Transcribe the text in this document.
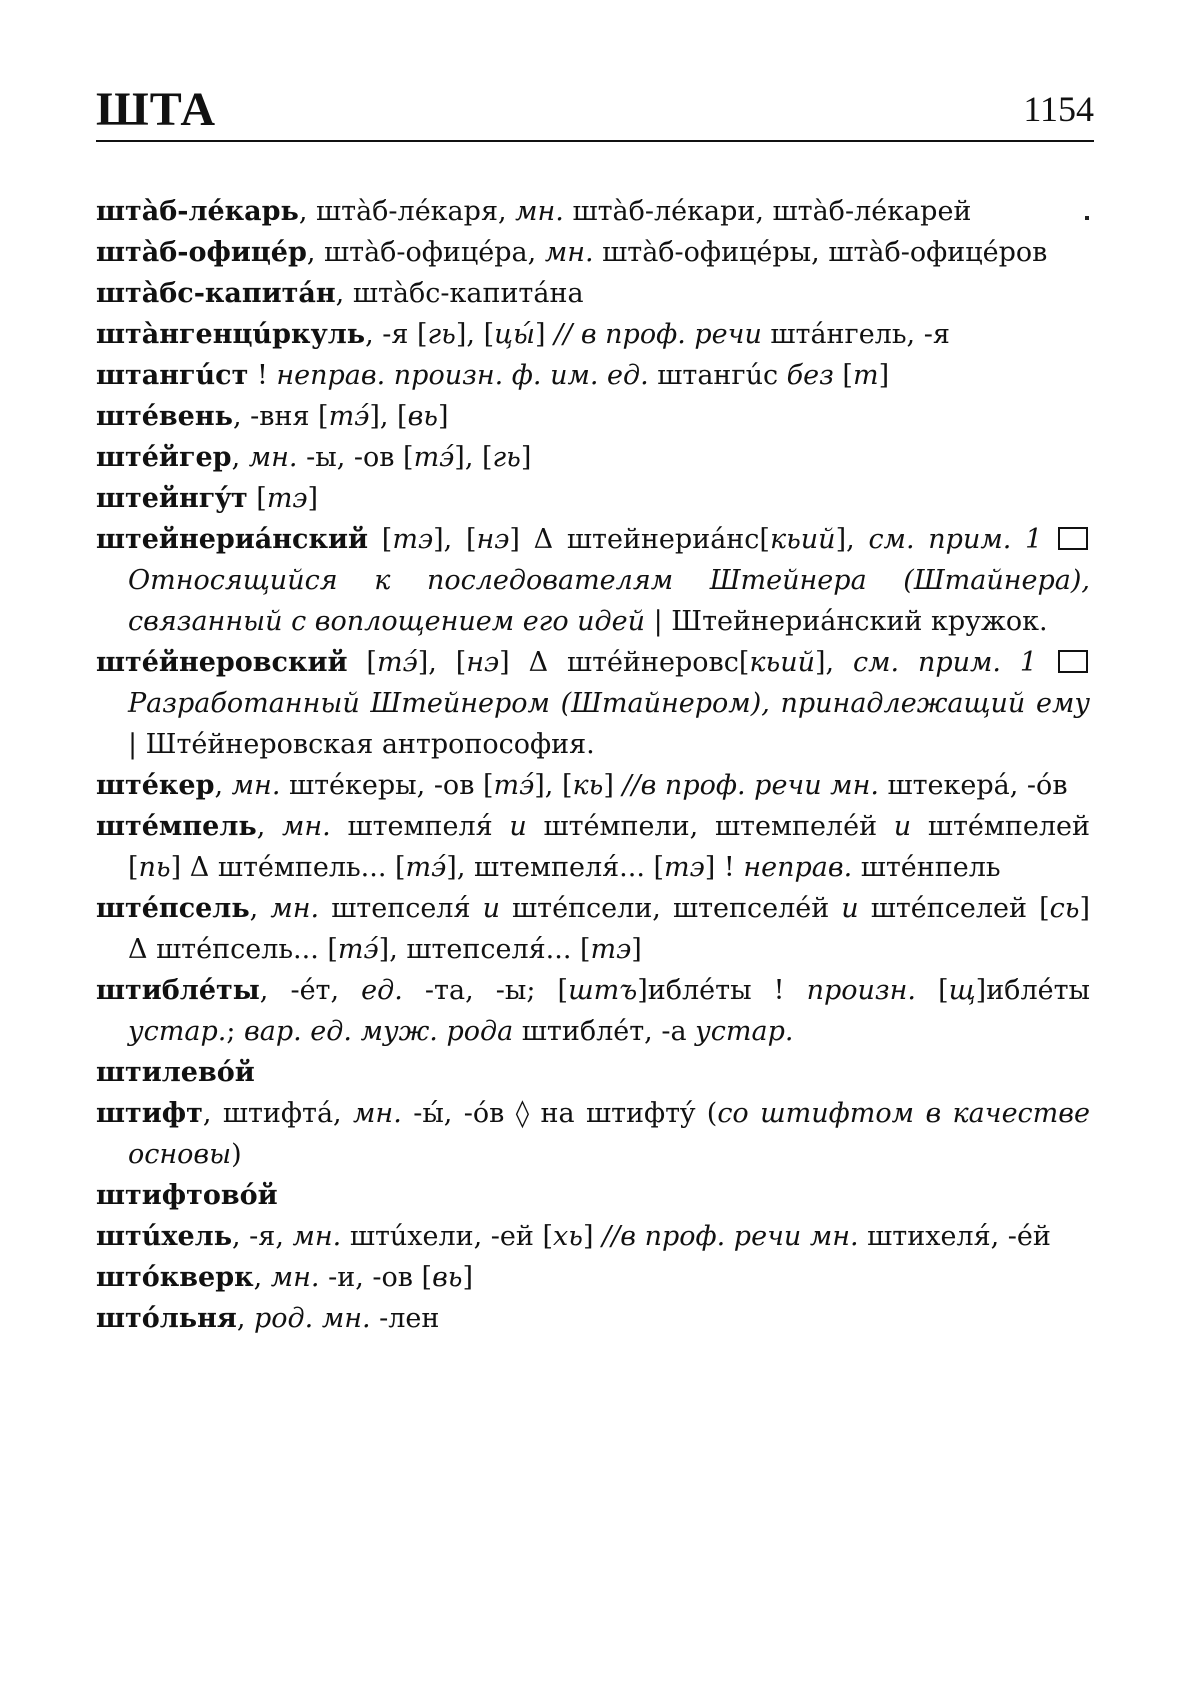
ШТА	1154
штàб-лéкарь, штàб-лéкаря, мн. штàб-лéкари, штàб-лéкарей
штàб-офицéр, штàб-офицéра, мн. штàб-офицéры, штàб-офицéров
штàбс-капитáн, штàбс-капитáна
штàнгенцúркуль, -я [гь], [цы́] // в проф. речи штáнгель, -я
штангúст ! неправ. произн. ф. им. ед. штангúс без [т]
штéвень, -вня [тэ́], [вь]
штéйгер, мн. -ы, -ов [тэ́], [гь]
штейнгýт [тэ]
штейнериáнский [тэ], [нэ] Δ штейнериáнс[кьий], см. прим. 1  Относящийся к последователям Штейнера (Штайнера), связанный с воплощением его идей | Штейнериáнский кружок.
штéйнеровский [тэ́], [нэ] Δ штéйнеровс[кьий], см. прим. 1  Разработанный Штейнером (Штайнером), принадлежащий ему | Штéйнеровская антропософия.
штéкер, мн. штéкеры, -ов [тэ́], [кь] //в проф. речи мн. штекерá, -óв
штéмпель, мн. штемпеля́ и штéмпели, штемпелéй и штéмпелей [пь] Δ штéмпель... [тэ́], штемпеля́... [тэ] ! неправ. штéнпель
штéпсель, мн. штепселя́ и штéпсели, штепселéй и штéпселей [сь] Δ штéпсель... [тэ́], штепселя́... [тэ]
штиблéты, -éт, ед. -та, -ы; [штъ]иблéты ! произн. [щ]иблéты устар.; вар. ед. муж. рода штиблéт, -а устар.
штилевóй
штифт, штифтá, мн. -ы́, -óв ◊ на штифтý (со штифтом в качестве основы)
штифтовóй
штúхель, -я, мн. штúхели, -ей [хь] //в проф. речи мн. штихеля́, -éй
штóкверк, мн. -и, -ов [вь]
штóльня, род. мн. -лен
